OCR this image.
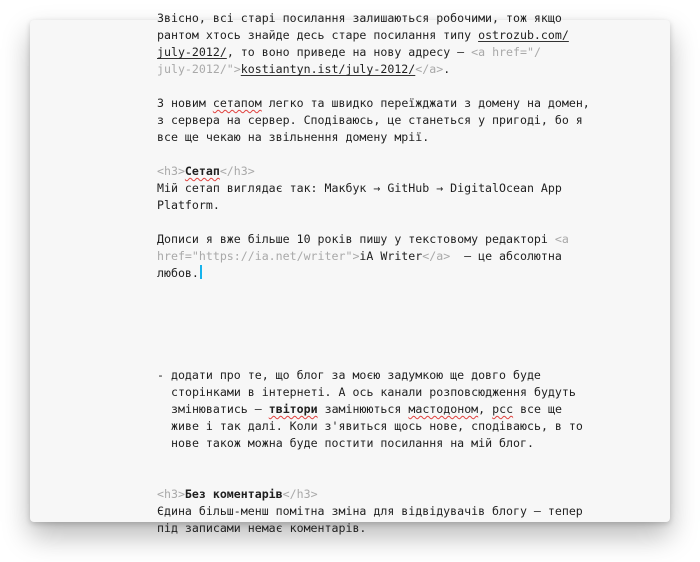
Звісно, всі старі посилання залишаються робочими, тож якщо
рантом хтось знайде десь старе посилання типу ostrozub.com/
july-2012/, то воно приведе на нову адресу – <a href="/
july-2012/">kostiantyn.ist/july-2012/</a>.
З новим сетапом легко та швидко переїжджати з домену на домен,
з сервера на сервер. Сподіваюсь, це станеться у пригоді, бо я
все ще чекаю на звільнення домену мрії.
<h3>Сетап</h3>
Мій сетап виглядає так: Макбук → GitHub → DigitalOcean App
Platform.
Дописи я вже більше 10 років пишу у текстовому редакторі <a
href="https://ia.net/writer">iA Writer</a>  – це абсолютна
любов.
- додати про те, що блог за моєю задумкою ще довго буде
сторінками в інтернеті. А ось канали розповсюдження будуть
змінюватись – твітори замінюються мастодоном, рсс все ще
живе і так далі. Коли з'явиться щось нове, сподіваюсь, в то
нове також можна буде постити посилання на мій блог.
<h3>Без коментарів</h3>
Єдина більш-менш помітна зміна для відвідувачів блогу – тепер
під записами немає коментарів.
